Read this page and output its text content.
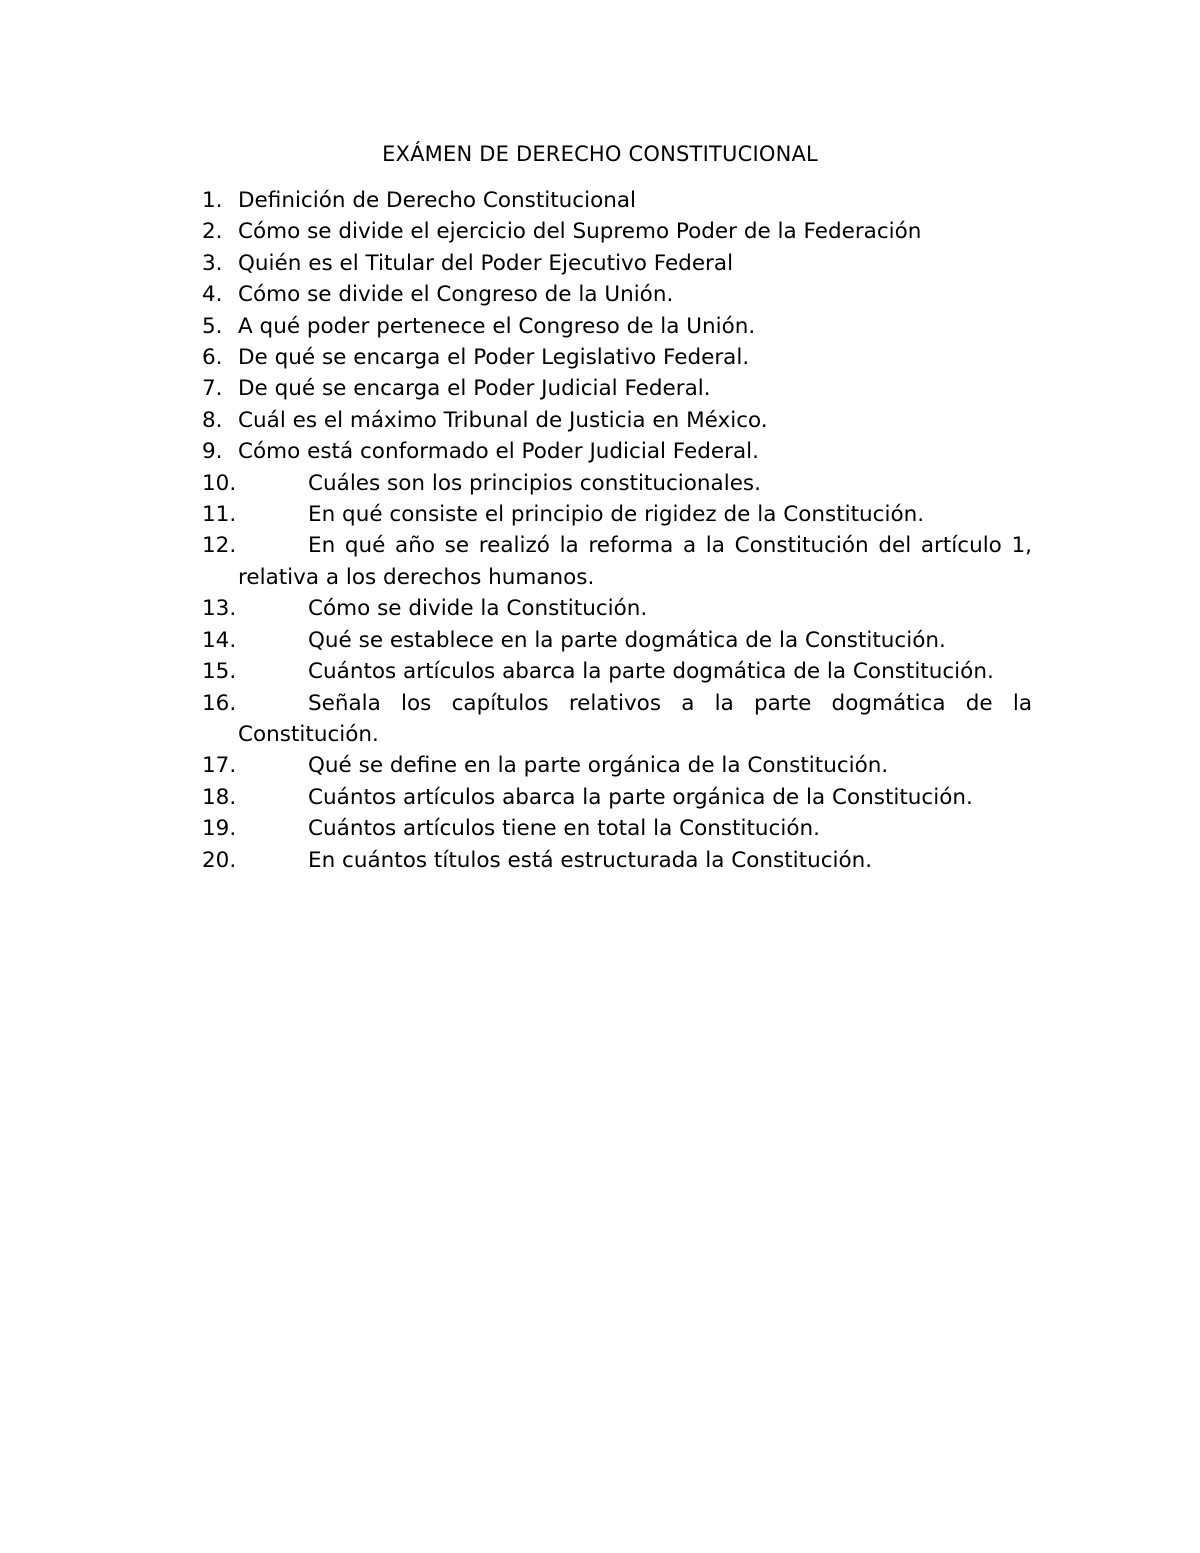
EXÁMEN DE DERECHO CONSTITUCIONAL
1. Definición de Derecho Constitucional
2. Cómo se divide el ejercicio del Supremo Poder de la Federación
3. Quién es el Titular del Poder Ejecutivo Federal
4. Cómo se divide el Congreso de la Unión.
5. A qué poder pertenece el Congreso de la Unión.
6. De qué se encarga el Poder Legislativo Federal.
7. De qué se encarga el Poder Judicial Federal.
8. Cuál es el máximo Tribunal de Justicia en México.
9. Cómo está conformado el Poder Judicial Federal.
10.	Cuáles son los principios constitucionales.
11.	En qué consiste el principio de rigidez de la Constitución.
12.	En qué año se realizó la reforma a la Constitución del artículo 1, relativa a los derechos humanos.
13.	Cómo se divide la Constitución.
14.	Qué se establece en la parte dogmática de la Constitución.
15.	Cuántos artículos abarca la parte dogmática de la Constitución.
16.	Señala los capítulos relativos a la parte dogmática de la Constitución.
17.	Qué se define en la parte orgánica de la Constitución.
18.	Cuántos artículos abarca la parte orgánica de la Constitución.
19.	Cuántos artículos tiene en total la Constitución.
20.	En cuántos títulos está estructurada la Constitución.
